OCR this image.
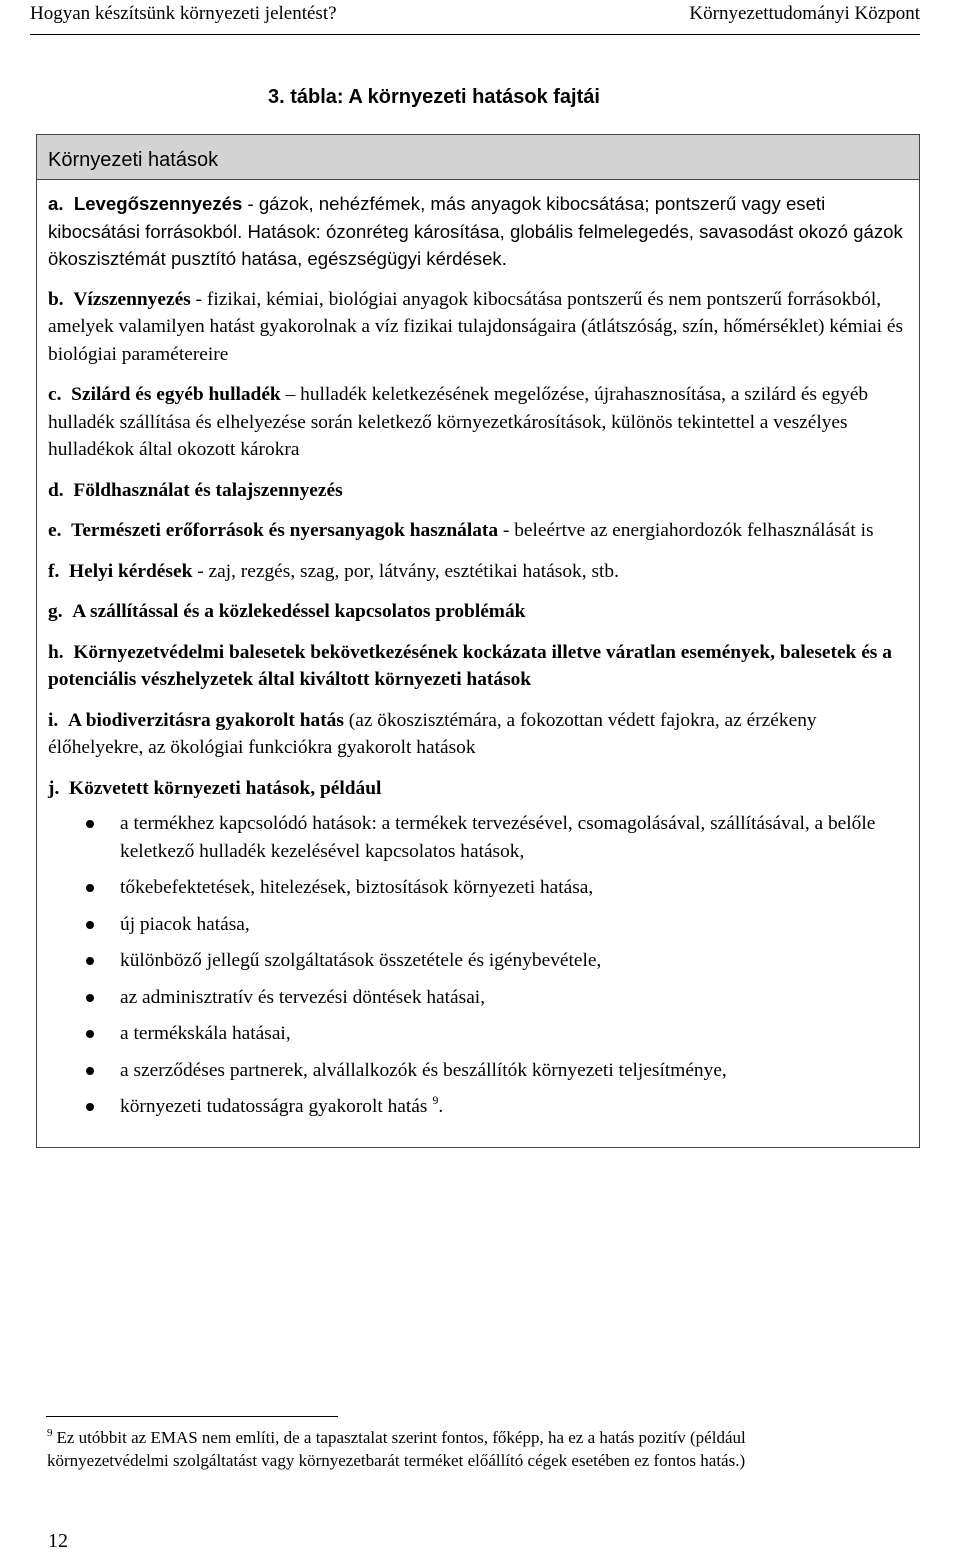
Hogyan készítsünk környezeti jelentést?	Környezettudományi Központ
3. tábla: A környezeti hatások fajtái
Környezeti hatások
a. Levegőszennyezés - gázok, nehézfémek, más anyagok kibocsátása; pontszerű vagy eseti kibocsátási forrásokból. Hatások: ózonréteg károsítása, globális felmelegedés, savasodást okozó gázok ökoszisztémát pusztító hatása, egészségügyi kérdések.
b. Vízszennyezés - fizikai, kémiai, biológiai anyagok kibocsátása pontszerű és nem pontszerű forrásokból, amelyek valamilyen hatást gyakorolnak a víz fizikai tulajdonságaira (átlátszóság, szín, hőmérséklet) kémiai és biológiai paramétereire
c. Szilárd és egyéb hulladék – hulladék keletkezésének megelőzése, újrahasznosítása, a szilárd és egyéb hulladék szállítása és elhelyezése során keletkező környezetkárosítások, különös tekintettel a veszélyes hulladékok által okozott károkra
d. Földhasználat és talajszennyezés
e. Természeti erőforrások és nyersanyagok használata - beleértve az energiahordozók felhasználását is
f. Helyi kérdések - zaj, rezgés, szag, por, látvány, esztétikai hatások, stb.
g. A szállítással és a közlekedéssel kapcsolatos problémák
h. Környezetvédelmi balesetek bekövetkezésének kockázata illetve váratlan események, balesetek és a potenciális vészhelyzetek által kiváltott környezeti hatások
i. A biodiverzitásra gyakorolt hatás (az ökoszisztémára, a fokozottan védett fajokra, az érzékeny élőhelyekre, az ökológiai funkciókra gyakorolt hatások
j. Közvetett környezeti hatások, például
a termékhez kapcsolódó hatások: a termékek tervezésével, csomagolásával, szállításával, a belőle keletkező hulladék kezelésével kapcsolatos hatások,
tőkebefektetések, hitelezések, biztosítások környezeti hatása,
új piacok hatása,
különböző jellegű szolgáltatások összetétele és igénybevétele,
az adminisztratív és tervezési döntések hatásai,
a termékskála hatásai,
a szerződéses partnerek, alvállalkozók és beszállítók környezeti teljesítménye,
környezeti tudatosságra gyakorolt hatás $^9$.
$^9$ Ez utóbbit az EMAS nem említi, de a tapasztalat szerint fontos, főképp, ha ez a hatás pozitív (például környezetvédelmi szolgáltatást vagy környezetbarát terméket előállító cégek esetében ez fontos hatás.)
12
